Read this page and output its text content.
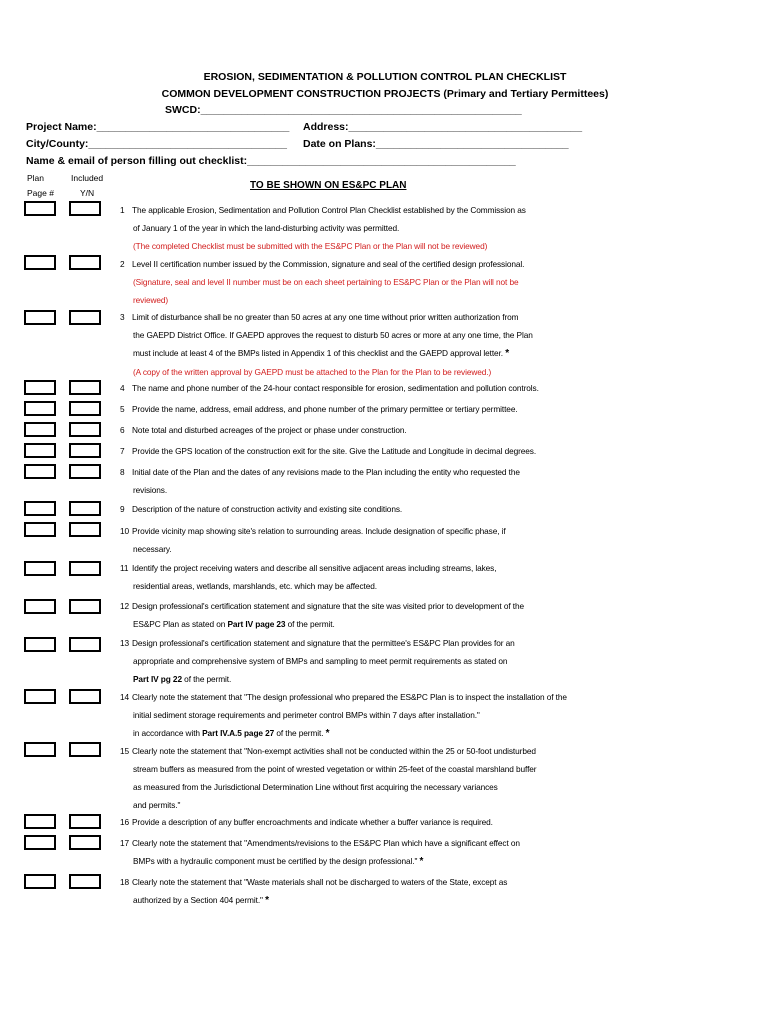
EROSION, SEDIMENTATION & POLLUTION CONTROL PLAN CHECKLIST
COMMON DEVELOPMENT CONSTRUCTION PROJECTS (Primary and Tertiary Permittees)
SWCD:_______________________________________________________
Project Name:_________________________________ Address:________________________________________
City/County:__________________________________ Date on Plans:_________________________________
Name & email of person filling out checklist:______________________________________________
Plan
Page #
Included
Y/N
TO BE SHOWN ON ES&PC PLAN
1 The applicable Erosion, Sedimentation and Pollution Control Plan Checklist established by the Commission as
of January 1 of the year in which the land-disturbing activity was permitted.
(The completed Checklist must be submitted with the ES&PC Plan or the Plan will not be reviewed)
2 Level II certification number issued by the Commission, signature and seal of the certified design professional.
(Signature, seal and level II number must be on each sheet pertaining to ES&PC Plan or the Plan will not be
reviewed)
3 Limit of disturbance shall be no greater than 50 acres at any one time without prior written authorization from
the GAEPD District Office. If GAEPD approves the request to disturb 50 acres or more at any one time, the Plan
must include at least 4 of the BMPs listed in Appendix 1 of this checklist and the GAEPD approval letter. *
(A copy of the written approval by GAEPD must be attached to the Plan for the Plan to be reviewed.)
4 The name and phone number of the 24-hour contact responsible for erosion, sedimentation and pollution controls.
5 Provide the name, address, email address, and phone number of the primary permittee or tertiary permittee.
6 Note total and disturbed acreages of the project or phase under construction.
7 Provide the GPS location of the construction exit for the site. Give the Latitude and Longitude in decimal degrees.
8 Initial date of the Plan and the dates of any revisions made to the Plan including the entity who requested the
revisions.
9 Description of the nature of construction activity and existing site conditions.
10 Provide vicinity map showing site's relation to surrounding areas. Include designation of specific phase, if
necessary.
11 Identify the project receiving waters and describe all sensitive adjacent areas including streams, lakes,
residential areas, wetlands, marshlands, etc. which may be affected.
12 Design professional's certification statement and signature that the site was visited prior to development of the
ES&PC Plan as stated on Part IV page 23 of the permit.
13 Design professional's certification statement and signature that the permittee's ES&PC Plan provides for an
appropriate and comprehensive system of BMPs and sampling to meet permit requirements as stated on
Part IV pg 22 of the permit.
14 Clearly note the statement that "The design professional who prepared the ES&PC Plan is to inspect the installation of the
initial sediment storage requirements and perimeter control BMPs within 7 days after installation."
in accordance with Part IV.A.5 page 27 of the permit. *
15 Clearly note the statement that "Non-exempt activities shall not be conducted within the 25 or 50-foot undisturbed
stream buffers as measured from the point of wrested vegetation or within 25-feet of the coastal marshland buffer
as measured from the Jurisdictional Determination Line without first acquiring the necessary variances
and permits."
16 Provide a description of any buffer encroachments and indicate whether a buffer variance is required.
17 Clearly note the statement that "Amendments/revisions to the ES&PC Plan which have a significant effect on
BMPs with a hydraulic component must be certified by the design professional." *
18 Clearly note the statement that "Waste materials shall not be discharged to waters of the State, except as
authorized by a Section 404 permit." *
